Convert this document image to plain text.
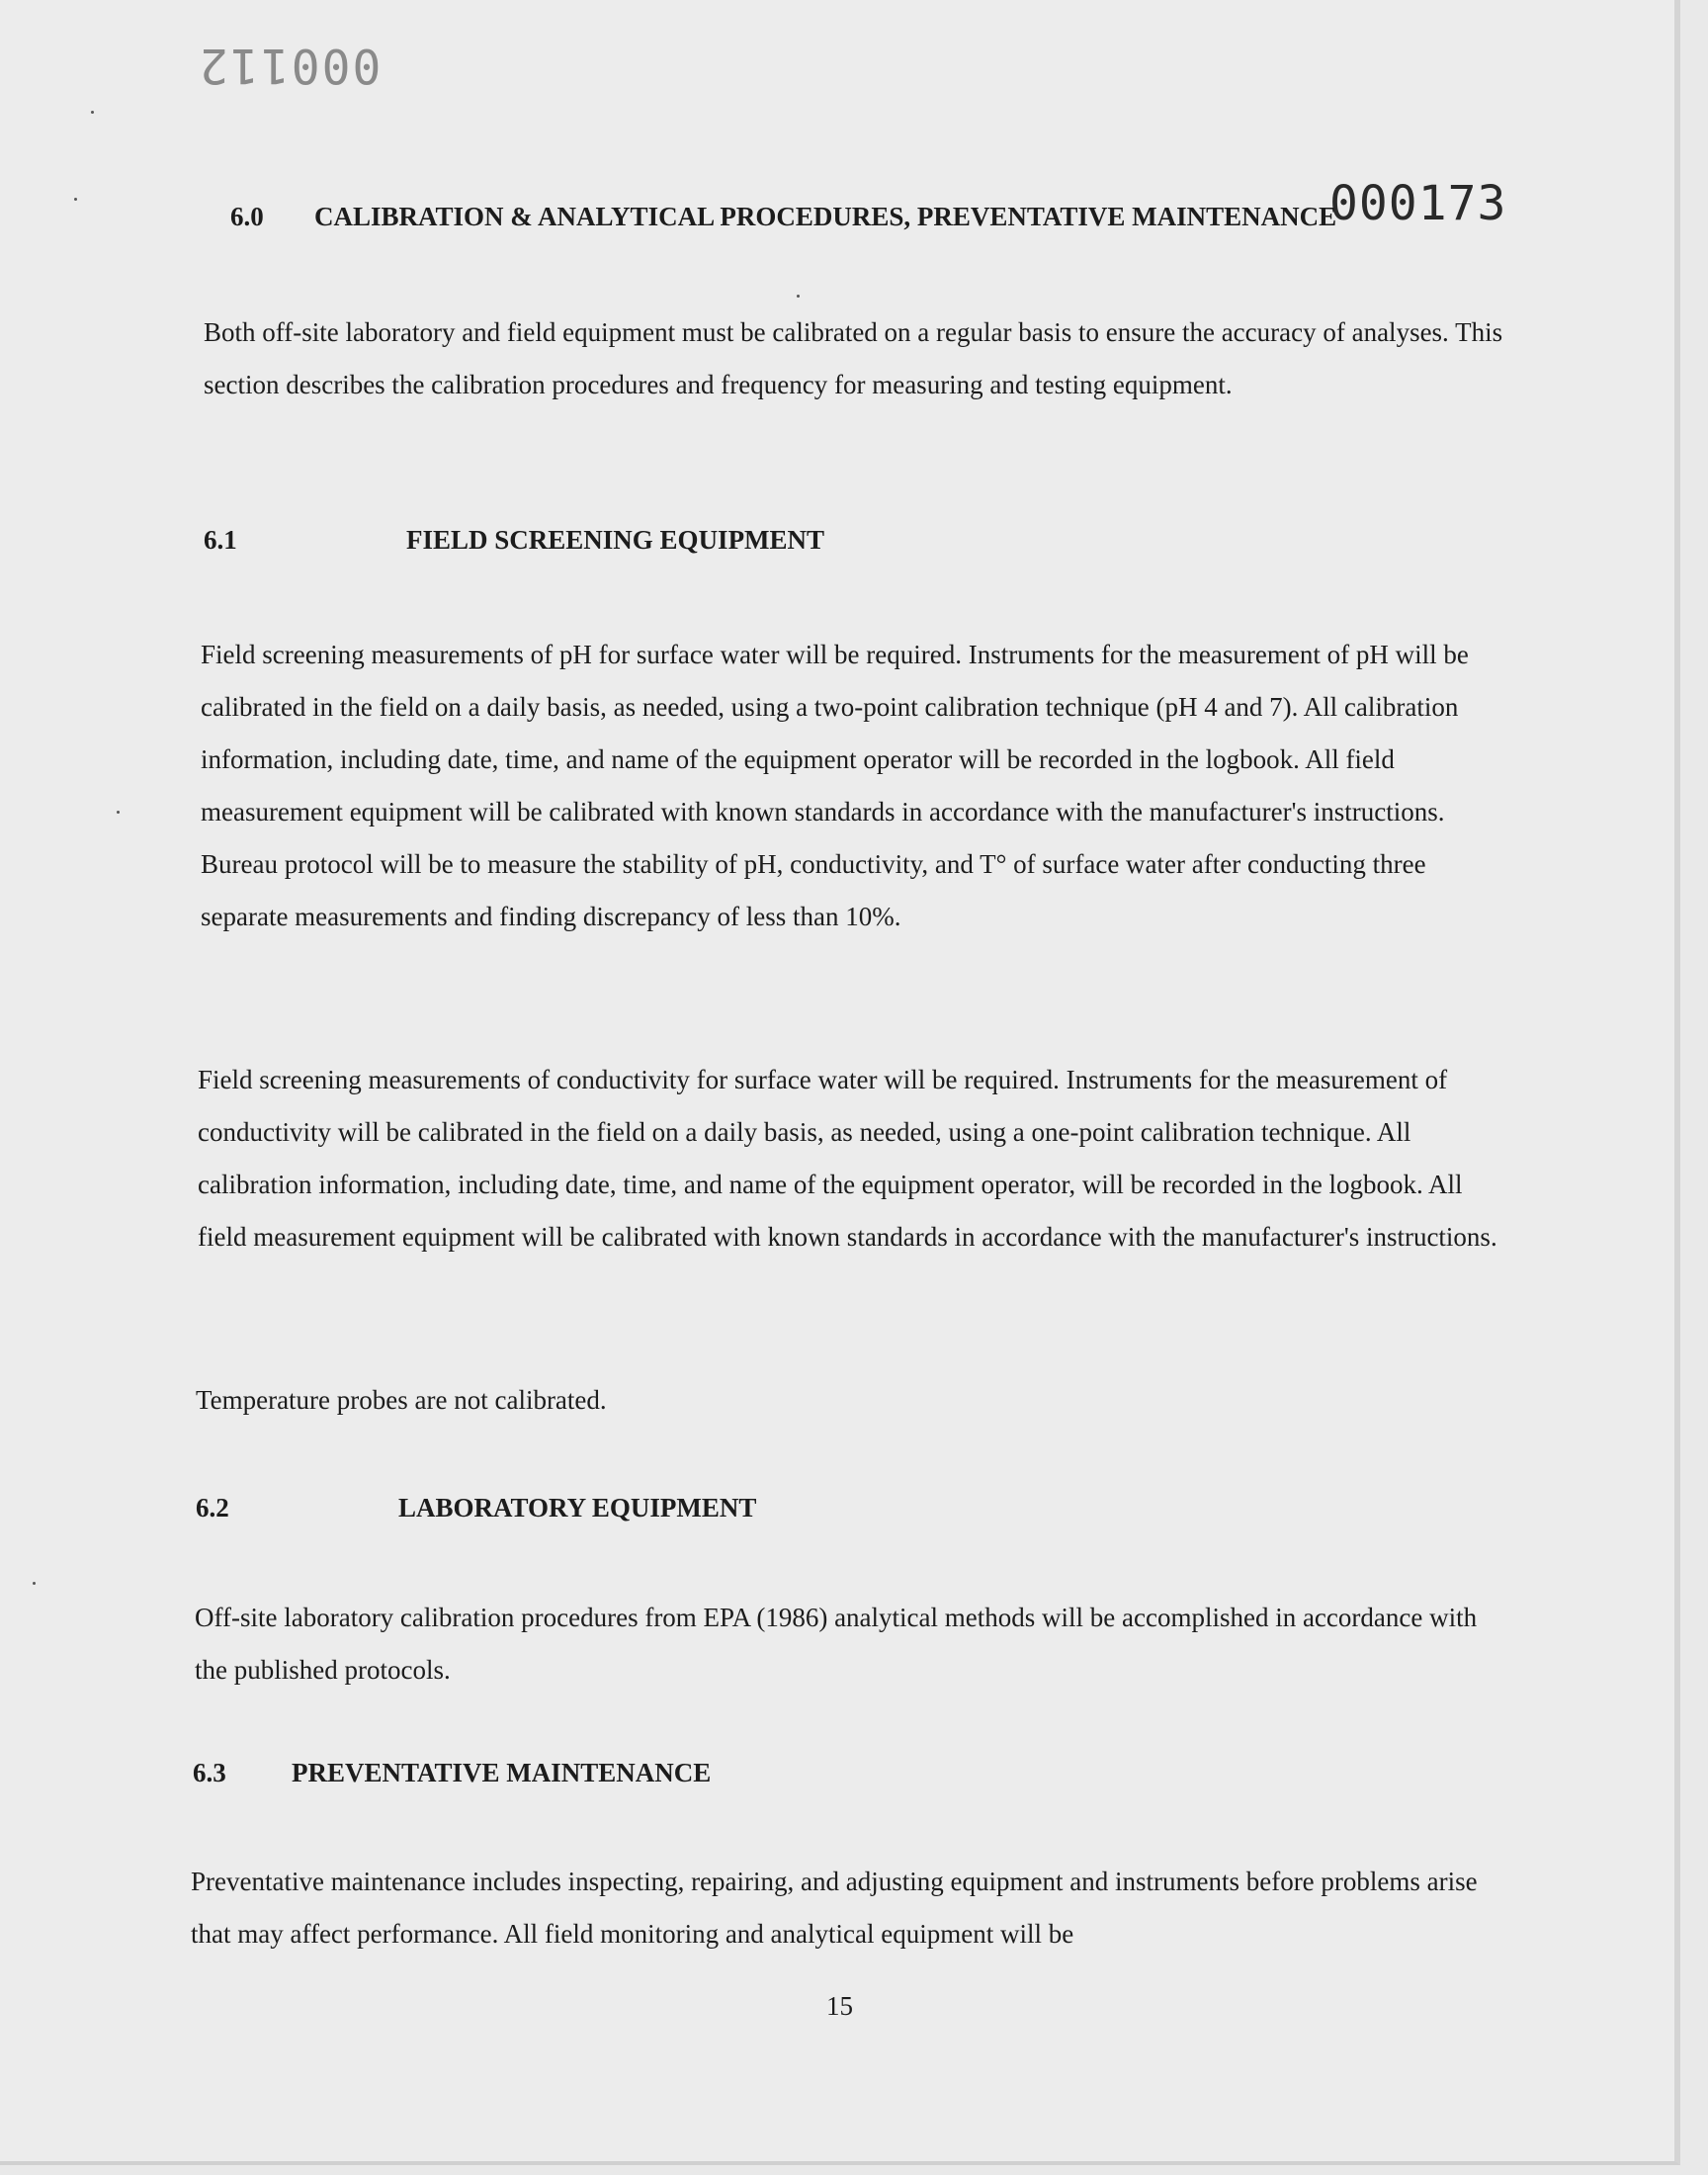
000112
000173
6.0 CALIBRATION & ANALYTICAL PROCEDURES, PREVENTATIVE MAINTENANCE

Both off-site laboratory and field equipment must be calibrated on a regular basis to ensure the accuracy of analyses. This section describes the calibration procedures and frequency for measuring and testing equipment.

6.1	FIELD SCREENING EQUIPMENT

Field screening measurements of pH for surface water will be required. Instruments for the measurement of pH will be calibrated in the field on a daily basis, as needed, using a two-point calibration technique (pH 4 and 7). All calibration information, including date, time, and name of the equipment operator will be recorded in the logbook. All field measurement equipment will be calibrated with known standards in accordance with the manufacturer's instructions. Bureau protocol will be to measure the stability of pH, conductivity, and T° of surface water after conducting three separate measurements and finding discrepancy of less than 10%.

Field screening measurements of conductivity for surface water will be required. Instruments for the measurement of conductivity will be calibrated in the field on a daily basis, as needed, using a one-point calibration technique. All calibration information, including date, time, and name of the equipment operator, will be recorded in the logbook. All field measurement equipment will be calibrated with known standards in accordance with the manufacturer's instructions.

Temperature probes are not calibrated.

6.2	LABORATORY EQUIPMENT

Off-site laboratory calibration procedures from EPA (1986) analytical methods will be accomplished in accordance with the published protocols.

6.3 PREVENTATIVE MAINTENANCE

Preventative maintenance includes inspecting, repairing, and adjusting equipment and instruments before problems arise that may affect performance. All field monitoring and analytical equipment will be

15
